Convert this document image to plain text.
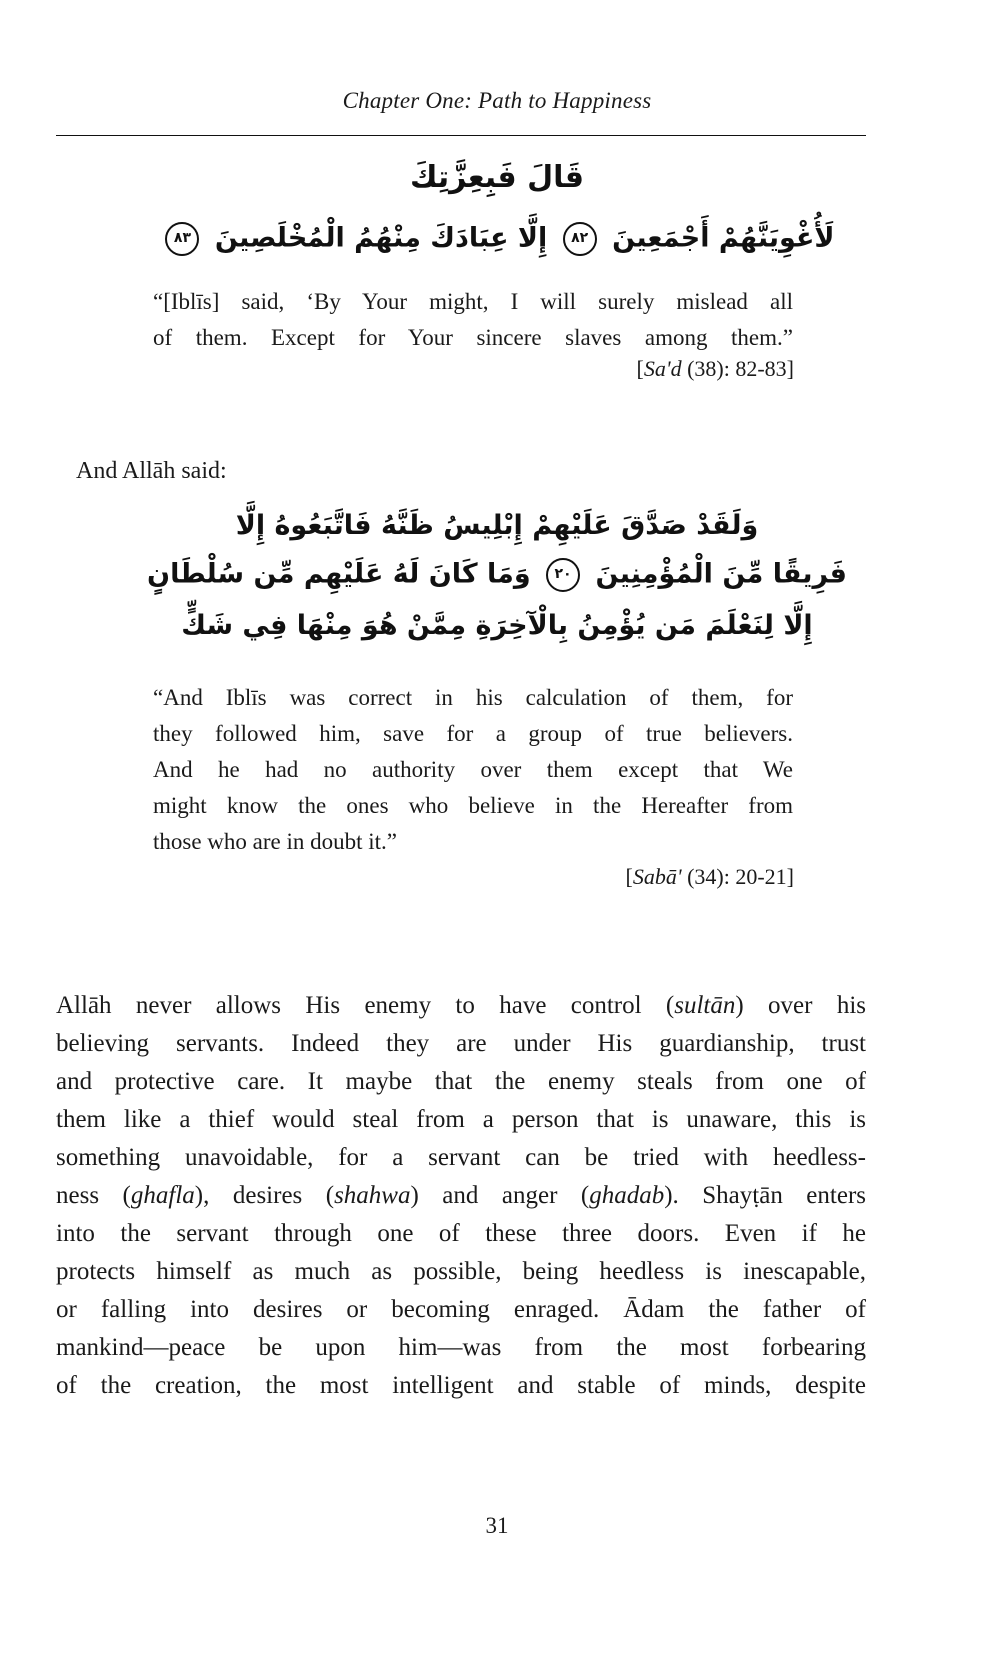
Chapter One: Path to Happiness
قَالَ فَبِعِزَّتِكَ
لَأُغْوِيَنَّهُمْ أَجْمَعِينَ ٨٢ إِلَّا عِبَادَكَ مِنْهُمُ الْمُخْلَصِينَ ٨٣
“[Iblīs] said, ‘By Your might, I will surely mislead all
of them. Except for Your sincere slaves among them.”
[Sa'd (38): 82-83]
And Allāh said:
وَلَقَدْ صَدَّقَ عَلَيْهِمْ إِبْلِيسُ ظَنَّهُ فَاتَّبَعُوهُ إِلَّا
فَرِيقًا مِّنَ الْمُؤْمِنِينَ ٢٠ وَمَا كَانَ لَهُ عَلَيْهِم مِّن سُلْطَانٍ
إِلَّا لِنَعْلَمَ مَن يُؤْمِنُ بِالْآخِرَةِ مِمَّنْ هُوَ مِنْهَا فِي شَكٍّ
“And Iblīs was correct in his calculation of them, for
they followed him, save for a group of true believers.
And he had no authority over them except that We
might know the ones who believe in the Hereafter from
those who are in doubt it.”
[Sabā' (34): 20-21]
Allāh never allows His enemy to have control (sultān) over his
believing servants. Indeed they are under His guardianship, trust
and protective care. It maybe that the enemy steals from one of
them like a thief would steal from a person that is unaware, this is
something unavoidable, for a servant can be tried with heedless-
ness (ghafla), desires (shahwa) and anger (ghadab). Shayṭān enters
into the servant through one of these three doors. Even if he
protects himself as much as possible, being heedless is inescapable,
or falling into desires or becoming enraged. Ādam the father of
mankind—peace be upon him—was from the most forbearing
of the creation, the most intelligent and stable of minds, despite
31
